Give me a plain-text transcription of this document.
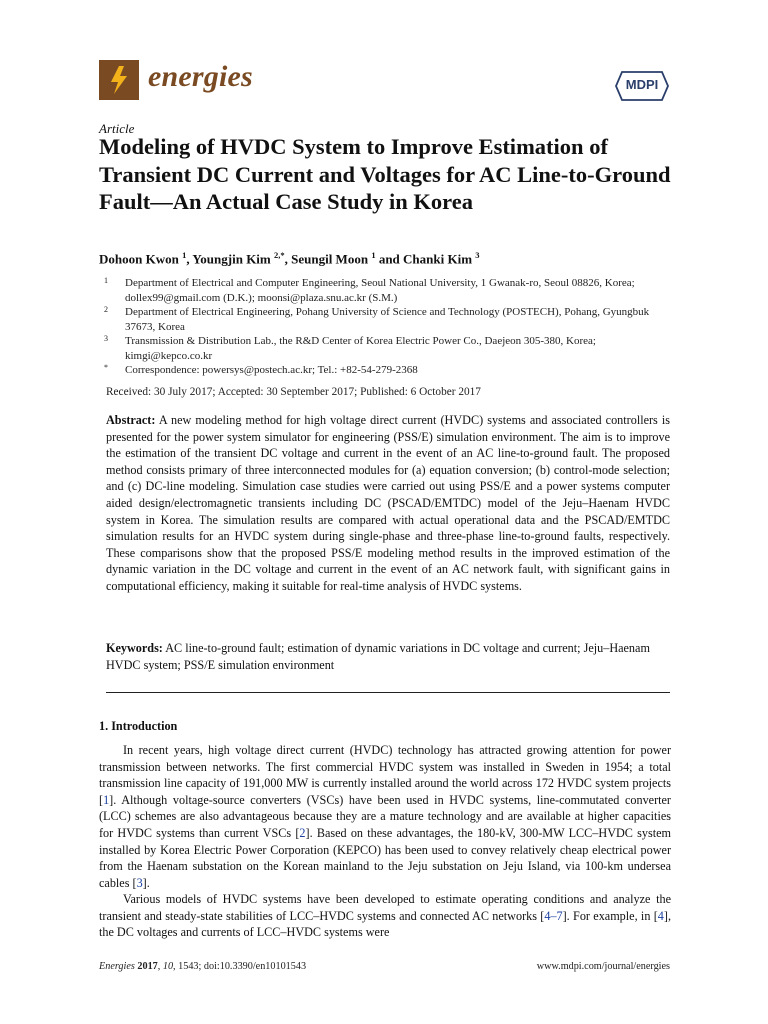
energies	MDPI
Article
Modeling of HVDC System to Improve Estimation of Transient DC Current and Voltages for AC Line-to-Ground Fault—An Actual Case Study in Korea
Dohoon Kwon $^1$, Youngjin Kim $^{2,*}$, Seungil Moon $^1$ and Chanki Kim $^3$
1 Department of Electrical and Computer Engineering, Seoul National University, 1 Gwanak-ro, Seoul 08826, Korea; dollex99@gmail.com (D.K.); moonsi@plaza.snu.ac.kr (S.M.)
2 Department of Electrical Engineering, Pohang University of Science and Technology (POSTECH), Pohang, Gyungbuk 37673, Korea
3 Transmission & Distribution Lab., the R&D Center of Korea Electric Power Co., Daejeon 305-380, Korea; kimgi@kepco.co.kr
* Correspondence: powersys@postech.ac.kr; Tel.: +82-54-279-2368
Received: 30 July 2017; Accepted: 30 September 2017; Published: 6 October 2017
Abstract: A new modeling method for high voltage direct current (HVDC) systems and associated controllers is presented for the power system simulator for engineering (PSS/E) simulation environment. The aim is to improve the estimation of the transient DC voltage and current in the event of an AC line-to-ground fault. The proposed method consists primary of three interconnected modules for (a) equation conversion; (b) control-mode selection; and (c) DC-line modeling. Simulation case studies were carried out using PSS/E and a power systems computer aided design/electromagnetic transients including DC (PSCAD/EMTDC) model of the Jeju–Haenam HVDC system in Korea. The simulation results are compared with actual operational data and the PSCAD/EMTDC simulation results for an HVDC system during single-phase and three-phase line-to-ground faults, respectively. These comparisons show that the proposed PSS/E modeling method results in the improved estimation of the dynamic variation in the DC voltage and current in the event of an AC network fault, with significant gains in computational efficiency, making it suitable for real-time analysis of HVDC systems.
Keywords: AC line-to-ground fault; estimation of dynamic variations in DC voltage and current; Jeju–Haenam HVDC system; PSS/E simulation environment
1. Introduction
In recent years, high voltage direct current (HVDC) technology has attracted growing attention for power transmission between networks. The first commercial HVDC system was installed in Sweden in 1954; a total transmission line capacity of 191,000 MW is currently installed around the world across 172 HVDC system projects [1]. Although voltage-source converters (VSCs) have been used in HVDC systems, line-commutated converter (LCC) schemes are also advantageous because they are a mature technology and are available at higher capacities for HVDC systems than current VSCs [2]. Based on these advantages, the 180-kV, 300-MW LCC–HVDC system installed by Korea Electric Power Corporation (KEPCO) has been used to convey relatively cheap electrical power from the Haenam substation on the Korean mainland to the Jeju substation on Jeju Island, via 100-km undersea cables [3].
Various models of HVDC systems have been developed to estimate operating conditions and analyze the transient and steady-state stabilities of LCC–HVDC systems and connected AC networks [4–7]. For example, in [4], the DC voltages and currents of LCC–HVDC systems were
Energies 2017, 10, 1543; doi:10.3390/en10101543	www.mdpi.com/journal/energies
